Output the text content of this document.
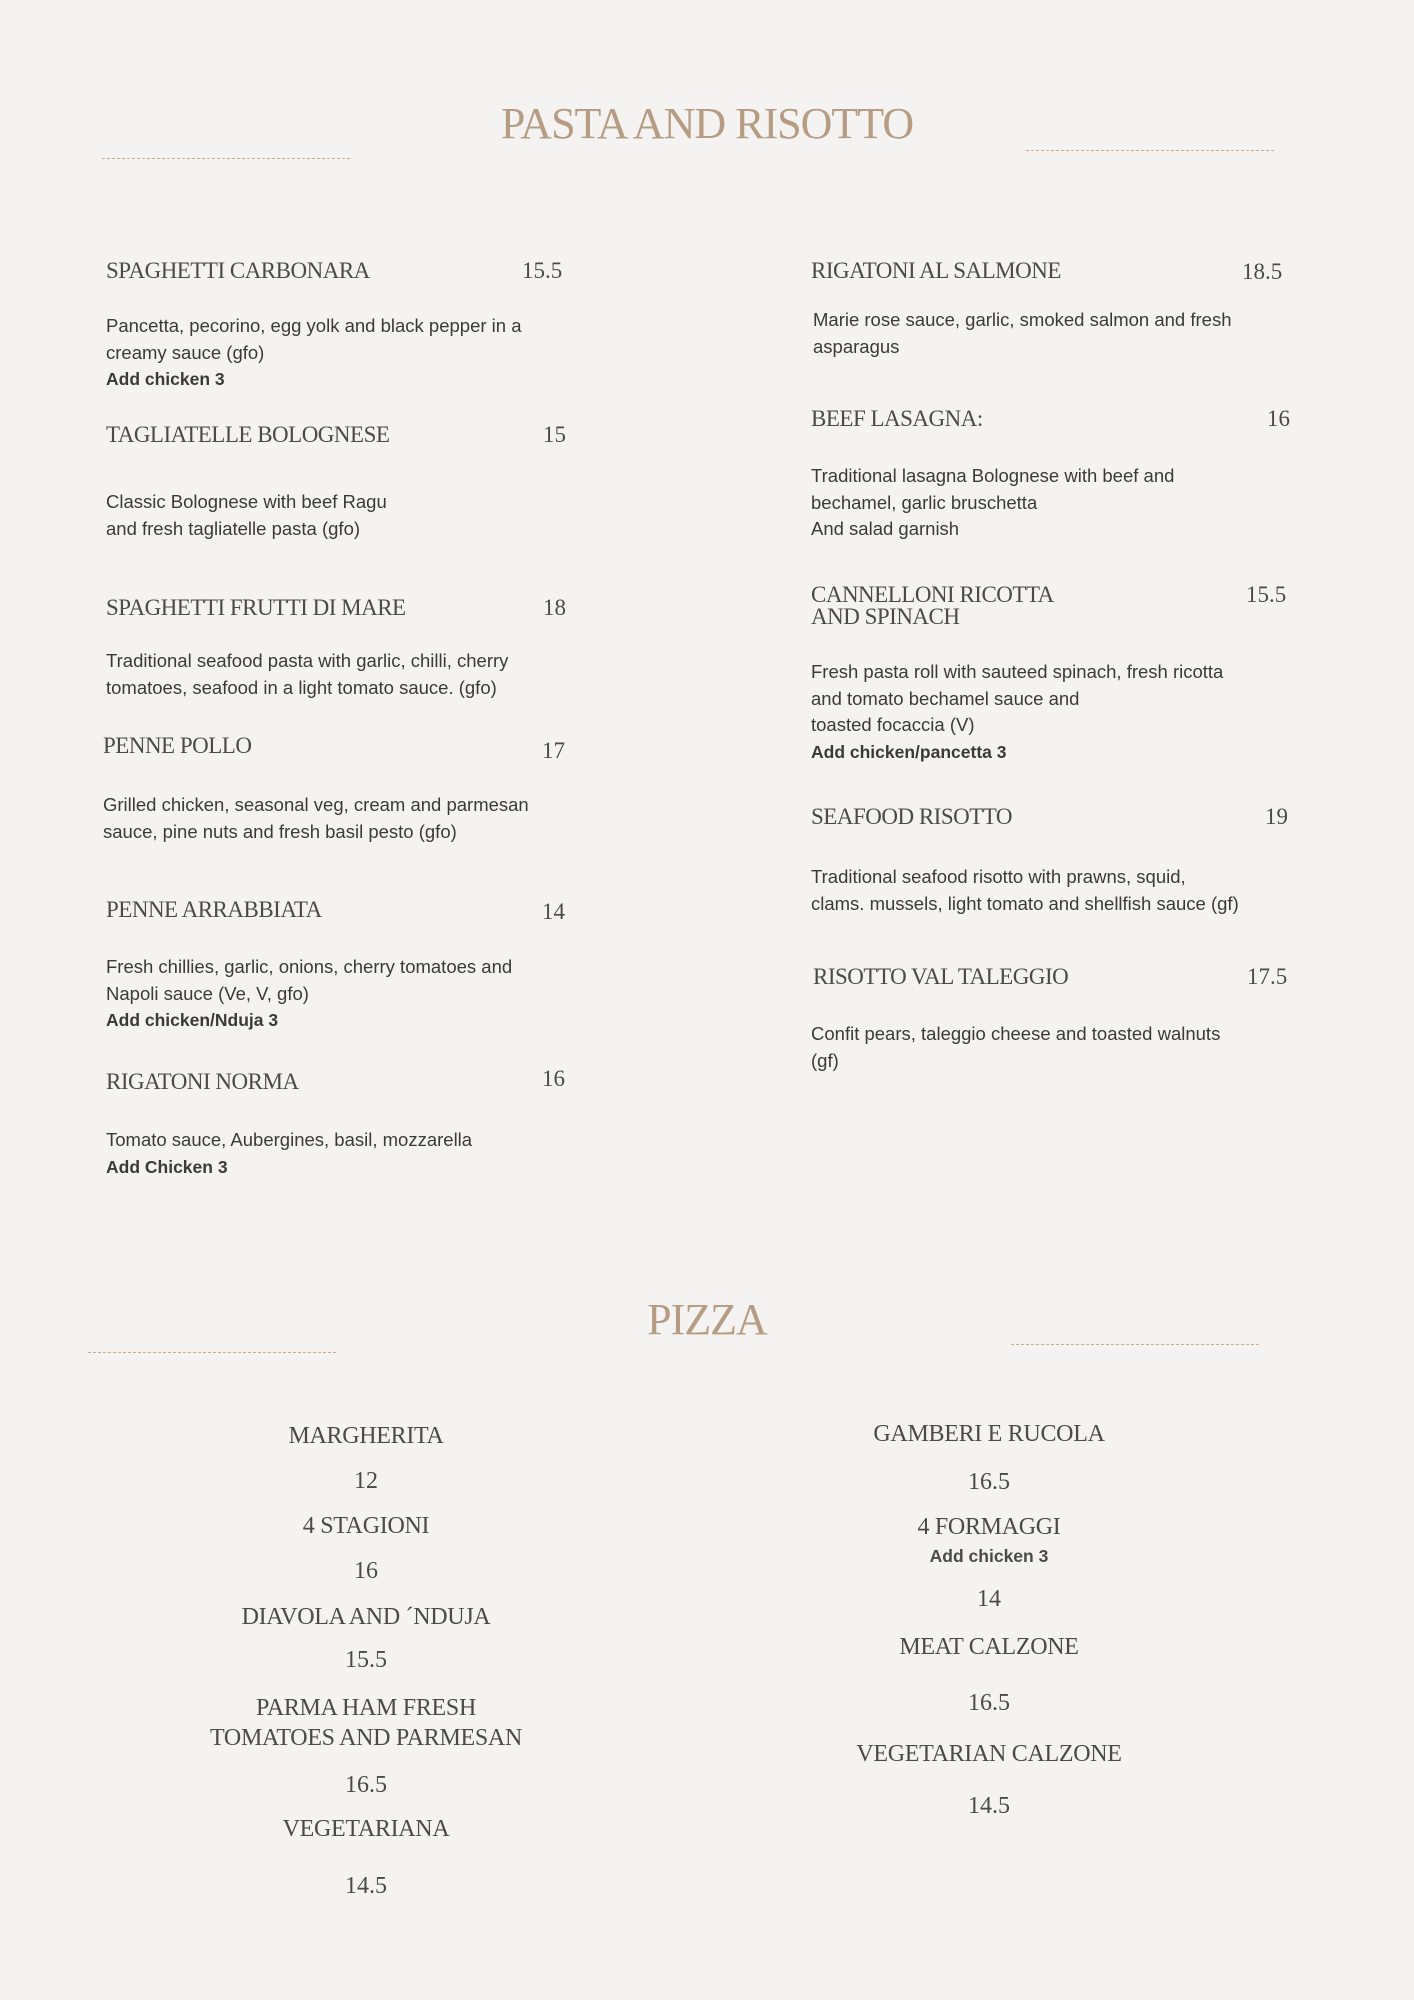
PASTA AND RISOTTO
SPAGHETTI CARBONARA	15.5
Pancetta, pecorino, egg yolk and black pepper in a
creamy sauce (gfo)
Add chicken 3
TAGLIATELLE BOLOGNESE	15
Classic Bolognese with beef Ragu
and fresh tagliatelle pasta (gfo)
SPAGHETTI FRUTTI DI MARE	18
Traditional seafood pasta with garlic, chilli, cherry
tomatoes, seafood in a light tomato sauce. (gfo)
PENNE POLLO	17
Grilled chicken, seasonal veg, cream and parmesan
sauce, pine nuts and fresh basil pesto (gfo)
PENNE ARRABBIATA	14
Fresh chillies, garlic, onions, cherry tomatoes and
Napoli sauce (Ve, V, gfo)
Add chicken/Nduja 3
RIGATONI NORMA	16
Tomato sauce, Aubergines, basil, mozzarella
Add Chicken 3
RIGATONI AL SALMONE	18.5
Marie rose sauce, garlic, smoked salmon and fresh
asparagus
BEEF LASAGNA:	16
Traditional lasagna Bolognese with beef and
bechamel, garlic bruschetta
And salad garnish
CANNELLONI RICOTTA
AND SPINACH
15.5
Fresh pasta roll with sauteed spinach, fresh ricotta
and tomato bechamel sauce and
toasted focaccia (V)
Add chicken/pancetta 3
SEAFOOD RISOTTO	19
Traditional seafood risotto with prawns, squid,
clams. mussels, light tomato and shellfish sauce (gf)
RISOTTO VAL TALEGGIO	17.5
Confit pears, taleggio cheese and toasted walnuts
(gf)
PIZZA
MARGHERITA
12
4 STAGIONI
16
DIAVOLA AND ´NDUJA
15.5
PARMA HAM FRESH
TOMATOES AND PARMESAN
16.5
VEGETARIANA
14.5
GAMBERI E RUCOLA
16.5
4 FORMAGGI
Add chicken 3
14
MEAT CALZONE
16.5
VEGETARIAN CALZONE
14.5
